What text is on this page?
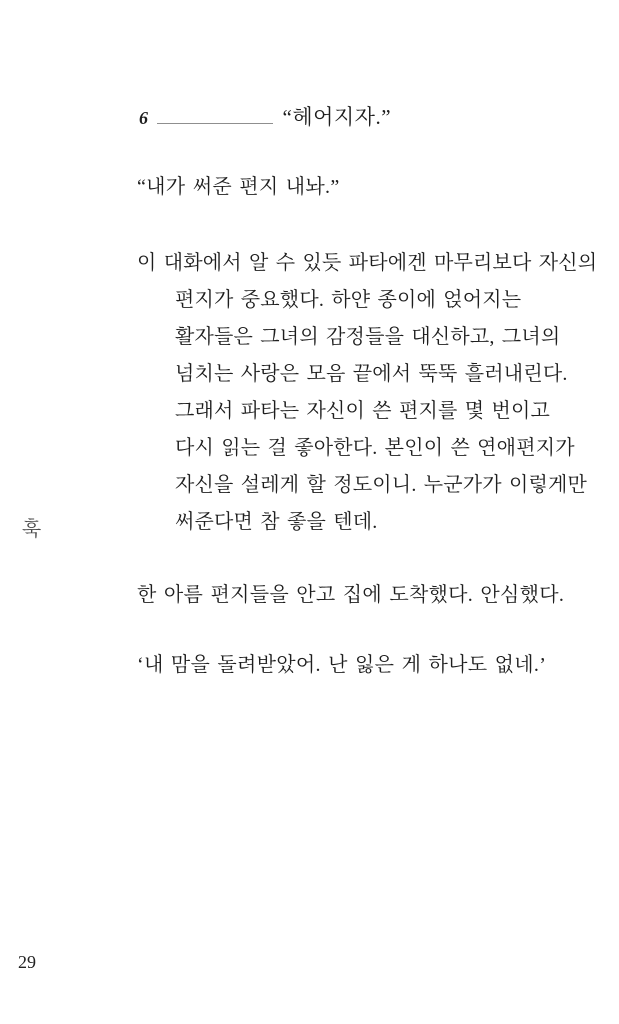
6	“헤어지자.”
“내가 써준 편지 내놔.”
이 대화에서 알 수 있듯 파타에겐 마무리보다 자신의
편지가 중요했다. 하얀 종이에 얹어지는
활자들은 그녀의 감정들을 대신하고, 그녀의
넘치는 사랑은 모음 끝에서 뚝뚝 흘러내린다.
그래서 파타는 자신이 쓴 편지를 몇 번이고
다시 읽는 걸 좋아한다. 본인이 쓴 연애편지가
자신을 설레게 할 정도이니. 누군가가 이렇게만
써준다면 참 좋을 텐데.
한 아름 편지들을 안고 집에 도착했다. 안심했다.
‘내 맘을 돌려받았어. 난 잃은 게 하나도 없네.’
훅
29
